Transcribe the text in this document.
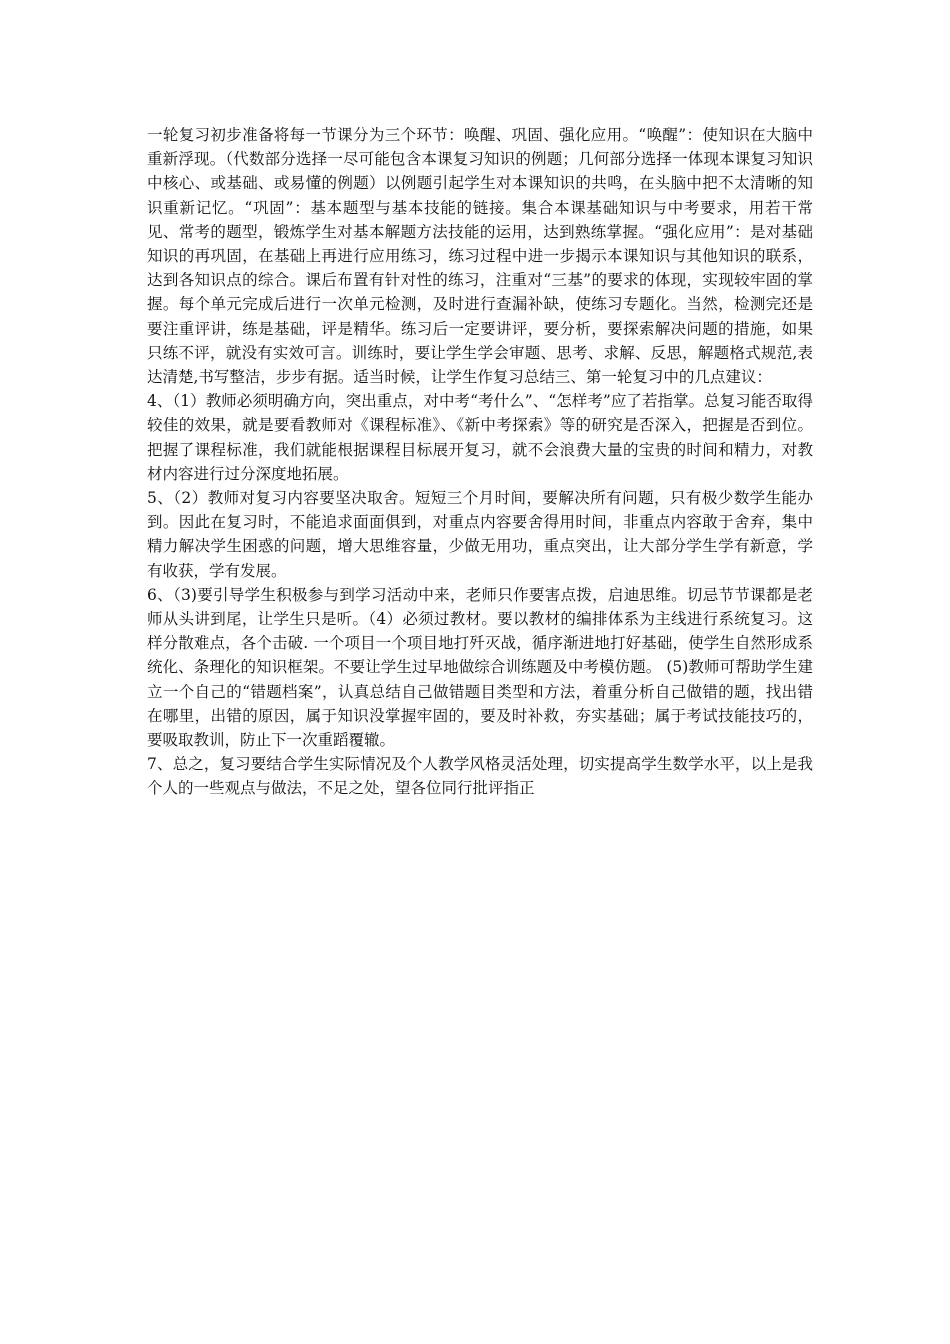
一轮复习初步准备将每一节课分为三个环节：唤醒、巩固、强化应用。“唤醒”：使知识在大脑中重新浮现。（代数部分选择一尽可能包含本课复习知识的例题；几何部分选择一体现本课复习知识中核心、或基础、或易懂的例题）以例题引起学生对本课知识的共鸣，在头脑中把不太清晰的知识重新记忆。“巩固”：基本题型与基本技能的链接。集合本课基础知识与中考要求，用若干常见、常考的题型，锻炼学生对基本解题方法技能的运用，达到熟练掌握。“强化应用”：是对基础知识的再巩固，在基础上再进行应用练习，练习过程中进一步揭示本课知识与其他知识的联系，达到各知识点的综合。课后布置有针对性的练习，注重对“三基”的要求的体现，实现较牢固的掌握。每个单元完成后进行一次单元检测，及时进行查漏补缺，使练习专题化。当然，检测完还是要注重评讲，练是基础，评是精华。练习后一定要讲评，要分析，要探索解决问题的措施，如果只练不评，就没有实效可言。训练时，要让学生学会审题、思考、求解、反思，解题格式规范,表达清楚,书写整洁，步步有据。适当时候，让学生作复习总结三、第一轮复习中的几点建议：

4、（1）教师必须明确方向，突出重点，对中考“考什么”、“怎样考”应了若指掌。总复习能否取得较佳的效果，就是要看教师对《课程标准》、《新中考探索》等的研究是否深入，把握是否到位。把握了课程标准，我们就能根据课程目标展开复习，就不会浪费大量的宝贵的时间和精力，对教材内容进行过分深度地拓展。

5、（2）教师对复习内容要坚决取舍。短短三个月时间，要解决所有问题，只有极少数学生能办到。因此在复习时，不能追求面面俱到，对重点内容要舍得用时间，非重点内容敢于舍弃，集中精力解决学生困惑的问题，增大思维容量，少做无用功，重点突出，让大部分学生学有新意，学有收获，学有发展。

6、（3)要引导学生积极参与到学习活动中来，老师只作要害点拨，启迪思维。切忌节节课都是老师从头讲到尾，让学生只是听。（4）必须过教材。要以教材的编排体系为主线进行系统复习。这样分散难点，各个击破. 一个项目一个项目地打歼灭战，循序渐进地打好基础，使学生自然形成系统化、条理化的知识框架。不要让学生过早地做综合训练题及中考模仿题。 (5)教师可帮助学生建立一个自己的“错题档案”，认真总结自己做错题目类型和方法，着重分析自己做错的题，找出错在哪里，出错的原因，属于知识没掌握牢固的，要及时补救，夯实基础；属于考试技能技巧的，要吸取教训，防止下一次重蹈覆辙。

7、总之，复习要结合学生实际情况及个人教学风格灵活处理，切实提高学生数学水平，以上是我个人的一些观点与做法，不足之处，望各位同行批评指正
